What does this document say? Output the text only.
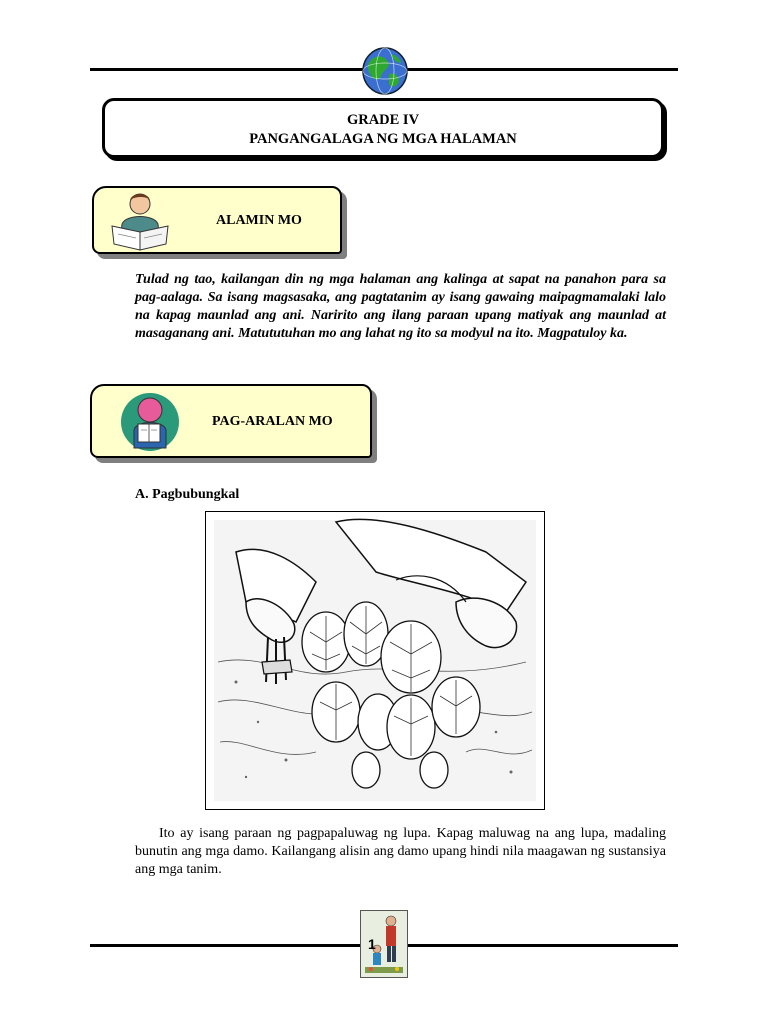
GRADE IV
PANGANGALAGA NG MGA HALAMAN
ALAMIN MO

Tulad ng tao, kailangan din ng mga halaman ang kalinga at sapat na panahon para sa pag-aalaga. Sa isang magsasaka, ang pagtatanim ay isang gawaing maipagmamalaki lalo na kapag maunlad ang ani. Naririto ang ilang paraan upang matiyak ang maunlad at masaganang ani. Matututuhan mo ang lahat ng ito sa modyul na ito. Magpatuloy ka.

PAG-ARALAN MO
A. Pagbubungkal

Ito ay isang paraan ng pagpapaluwag ng lupa. Kapag maluwag na ang lupa, madaling bunutin ang mga damo. Kailangang alisin ang damo upang hindi nila maagawan ng sustansiya ang mga tanim.

1
